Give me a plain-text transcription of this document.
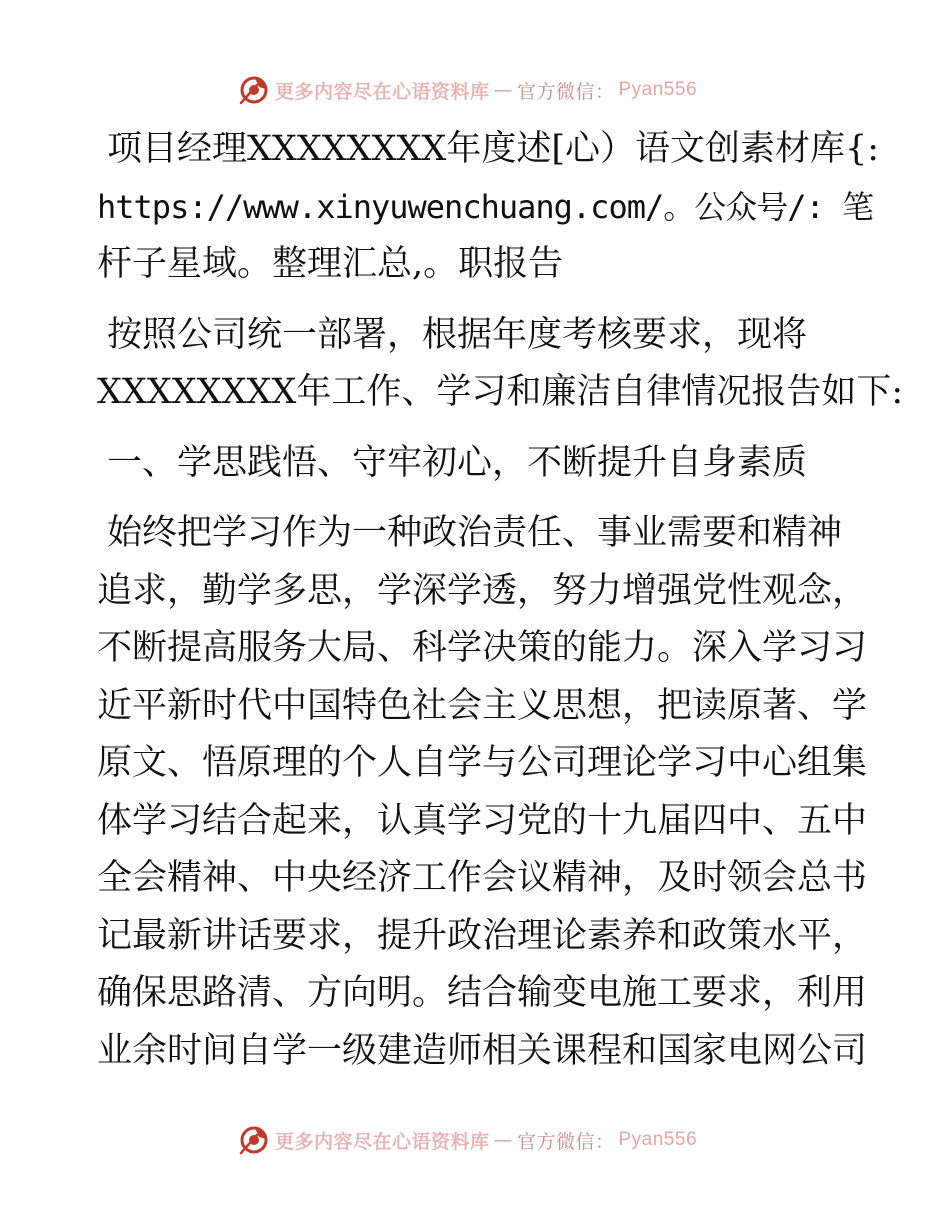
更多内容尽在心语资料库 — 官方微信： Pyan556
项目经理XXXXXXXX年度述[心）语文创素材库{:
https://www.xinyuwenchuang.com/。公众号/: 笔
杆子星域。整理汇总,。职报告
按照公司统一部署，根据年度考核要求，现将
XXXXXXXX年工作、学习和廉洁自律情况报告如下:
一、学思践悟、守牢初心，不断提升自身素质
始终把学习作为一种政治责任、事业需要和精神
追求，勤学多思，学深学透，努力增强党性观念，
不断提高服务大局、科学决策的能力。深入学习习
近平新时代中国特色社会主义思想，把读原著、学
原文、悟原理的个人自学与公司理论学习中心组集
体学习结合起来，认真学习党的十九届四中、五中
全会精神、中央经济工作会议精神，及时领会总书
记最新讲话要求，提升政治理论素养和政策水平，
确保思路清、方向明。结合输变电施工要求，利用
业余时间自学一级建造师相关课程和国家电网公司
更多内容尽在心语资料库 — 官方微信： Pyan556
